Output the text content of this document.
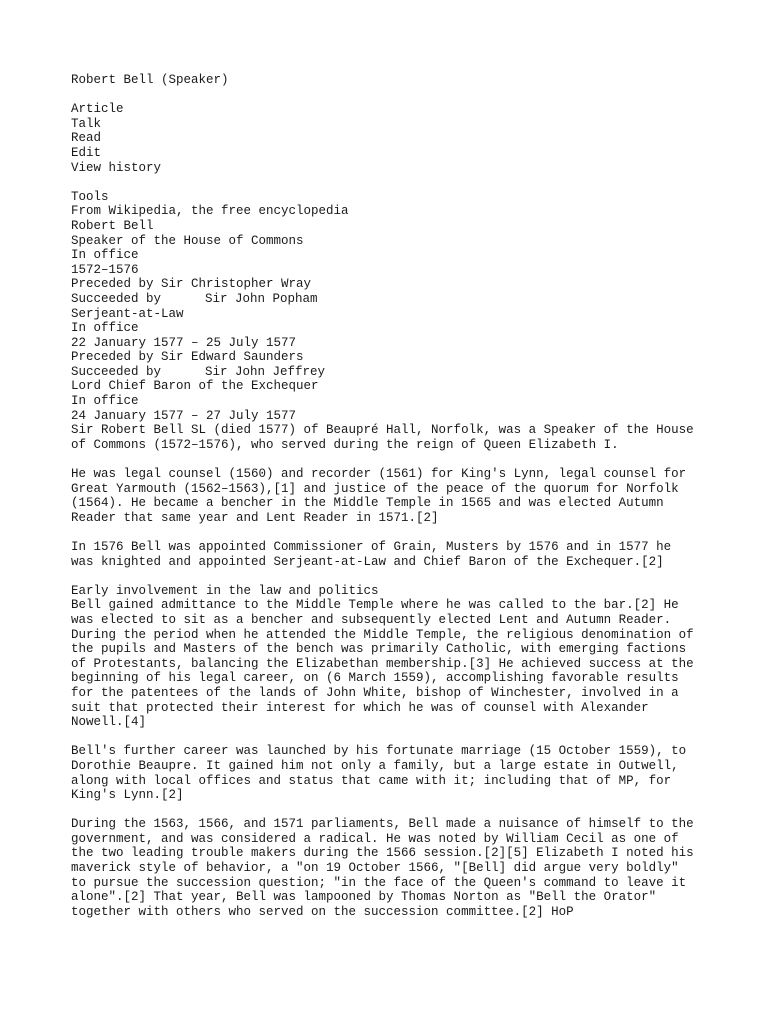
Robert Bell (Speaker)
Article
Talk
Read
Edit
View history
Tools
From Wikipedia, the free encyclopedia
Robert Bell
Speaker of the House of Commons
In office
1572–1576
Preceded by Sir Christopher Wray
Succeeded by	Sir John Popham
Serjeant-at-Law
In office
22 January 1577 – 25 July 1577
Preceded by Sir Edward Saunders
Succeeded by	Sir John Jeffrey
Lord Chief Baron of the Exchequer
In office
24 January 1577 – 27 July 1577
Sir Robert Bell SL (died 1577) of Beaupré Hall, Norfolk, was a Speaker of the House
of Commons (1572–1576), who served during the reign of Queen Elizabeth I.
He was legal counsel (1560) and recorder (1561) for King's Lynn, legal counsel for
Great Yarmouth (1562–1563),[1] and justice of the peace of the quorum for Norfolk
(1564). He became a bencher in the Middle Temple in 1565 and was elected Autumn
Reader that same year and Lent Reader in 1571.[2]
In 1576 Bell was appointed Commissioner of Grain, Musters by 1576 and in 1577 he
was knighted and appointed Serjeant-at-Law and Chief Baron of the Exchequer.[2]
Early involvement in the law and politics
Bell gained admittance to the Middle Temple where he was called to the bar.[2] He
was elected to sit as a bencher and subsequently elected Lent and Autumn Reader.
During the period when he attended the Middle Temple, the religious denomination of
the pupils and Masters of the bench was primarily Catholic, with emerging factions
of Protestants, balancing the Elizabethan membership.[3] He achieved success at the
beginning of his legal career, on (6 March 1559), accomplishing favorable results
for the patentees of the lands of John White, bishop of Winchester, involved in a
suit that protected their interest for which he was of counsel with Alexander
Nowell.[4]
Bell's further career was launched by his fortunate marriage (15 October 1559), to
Dorothie Beaupre. It gained him not only a family, but a large estate in Outwell,
along with local offices and status that came with it; including that of MP, for
King's Lynn.[2]
During the 1563, 1566, and 1571 parliaments, Bell made a nuisance of himself to the
government, and was considered a radical. He was noted by William Cecil as one of
the two leading trouble makers during the 1566 session.[2][5] Elizabeth I noted his
maverick style of behavior, a "on 19 October 1566, "[Bell] did argue very boldly"
to pursue the succession question; "in the face of the Queen's command to leave it
alone".[2] That year, Bell was lampooned by Thomas Norton as "Bell the Orator"
together with others who served on the succession committee.[2] HoP
